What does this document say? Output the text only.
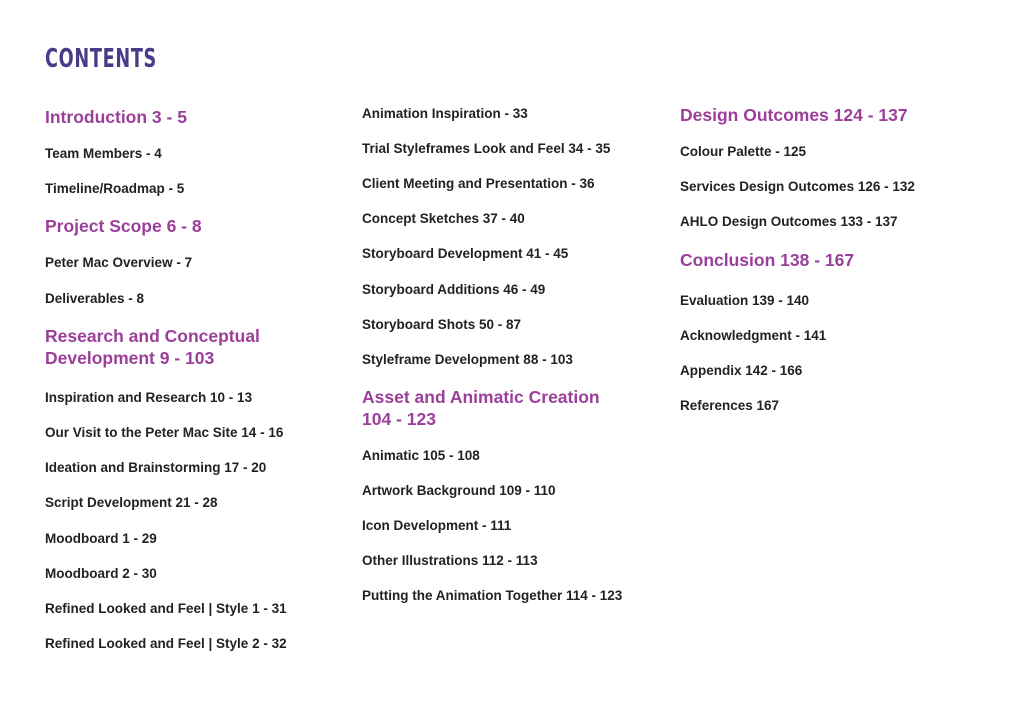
CONTENTS
Introduction 3 - 5
Team Members - 4
Timeline/Roadmap - 5
Project Scope 6 - 8
Peter Mac Overview - 7
Deliverables - 8
Research and Conceptual
Development 9 - 103
Inspiration and Research 10 - 13
Our Visit to the Peter Mac Site 14 - 16
Ideation and Brainstorming 17 - 20
Script Development 21 - 28
Moodboard 1 - 29
Moodboard 2 - 30
Refined Looked and Feel | Style 1 - 31
Refined Looked and Feel | Style 2 - 32
Animation Inspiration - 33
Trial Styleframes Look and Feel 34 - 35
Client Meeting and Presentation - 36
Concept Sketches 37 - 40
Storyboard Development 41 - 45
Storyboard Additions 46 - 49
Storyboard Shots 50 - 87
Styleframe Development 88 - 103
Asset and Animatic Creation
104 - 123
Animatic 105 - 108
Artwork Background 109 - 110
Icon Development - 111
Other Illustrations 112 - 113
Putting the Animation Together 114 - 123
Design Outcomes 124 - 137
Colour Palette - 125
Services Design Outcomes 126 - 132
AHLO Design Outcomes 133 - 137
Conclusion 138 - 167
Evaluation 139 - 140
Acknowledgment - 141
Appendix 142 - 166
References 167
